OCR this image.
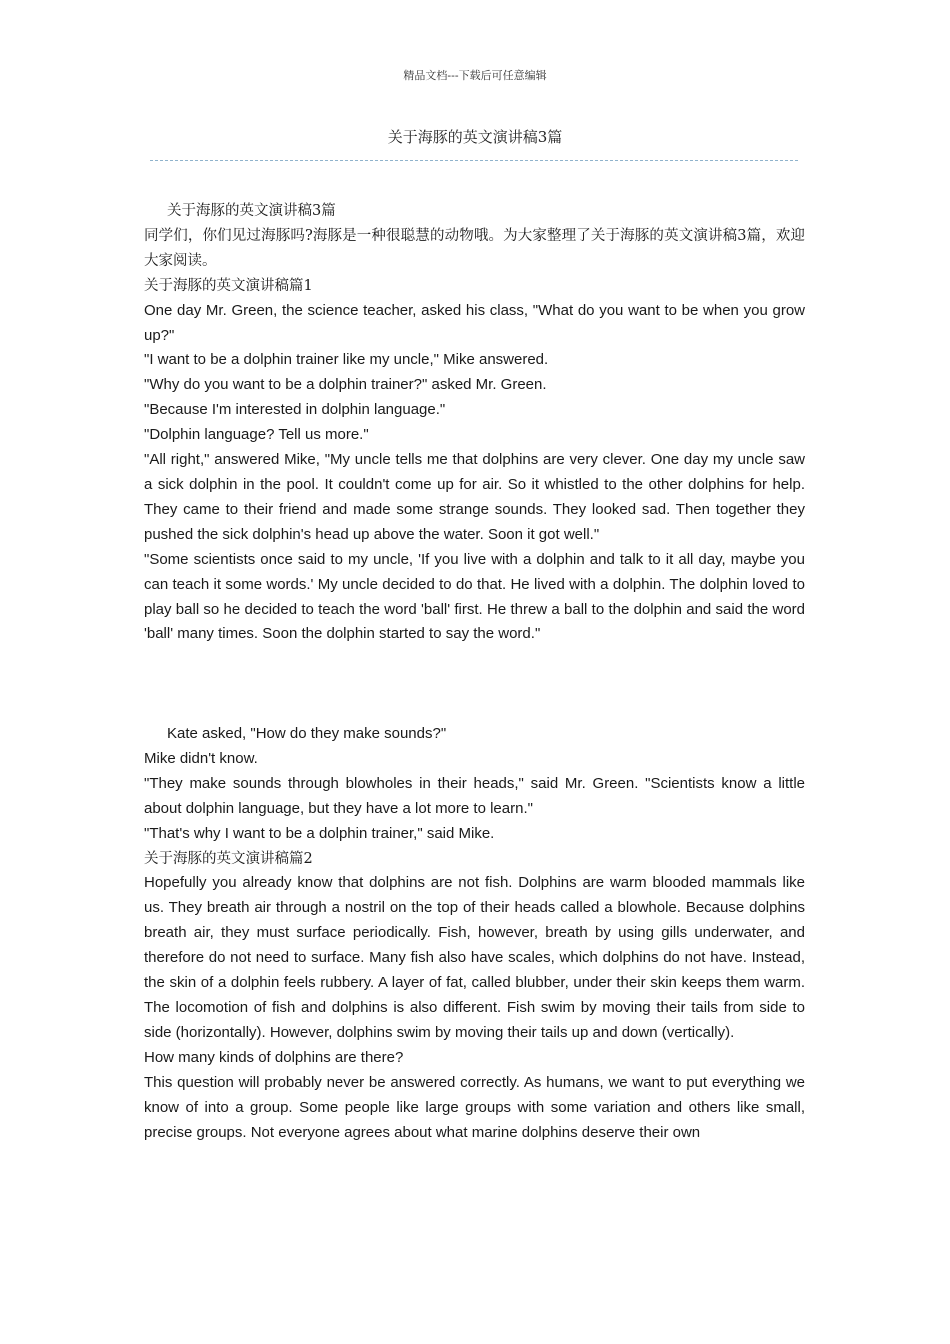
精品文档---下载后可任意编辑
关于海豚的英文演讲稿3篇

关于海豚的英文演讲稿3篇

同学们，你们见过海豚吗?海豚是一种很聪慧的动物哦。为大家整理了关于海豚的英文演讲稿3篇，欢迎大家阅读。

关于海豚的英文演讲稿篇1

One day Mr. Green, the science teacher, asked his class, "What do you want to be when you grow up?"

"I want to be a dolphin trainer like my uncle," Mike answered.

"Why do you want to be a dolphin trainer?" asked Mr. Green.

"Because I'm interested in dolphin language."

"Dolphin language? Tell us more."

"All right," answered Mike, "My uncle tells me that dolphins are very clever. One day my uncle saw a sick dolphin in the pool. It couldn't come up for air. So it whistled to the other dolphins for help. They came to their friend and made some strange sounds. They looked sad. Then together they pushed the sick dolphin's head up above the water. Soon it got well."

"Some scientists once said to my uncle, 'If you live with a dolphin and talk to it all day, maybe you can teach it some words.' My uncle decided to do that. He lived with a dolphin. The dolphin loved to play ball so he decided to teach the word 'ball' first. He threw a ball to the dolphin and said the word 'ball' many times. Soon the dolphin started to say the word."

Kate asked, "How do they make sounds?"

Mike didn't know.

"They make sounds through blowholes in their heads," said Mr. Green. "Scientists know a little about dolphin language, but they have a lot more to learn."

"That's why I want to be a dolphin trainer," said Mike.

关于海豚的英文演讲稿篇2

Hopefully you already know that dolphins are not fish. Dolphins are warm blooded mammals like us. They breath air through a nostril on the top of their heads called a blowhole. Because dolphins breath air, they must surface periodically. Fish, however, breath by using gills underwater, and therefore do not need to surface. Many fish also have scales, which dolphins do not have. Instead, the skin of a dolphin feels rubbery. A layer of fat, called blubber, under their skin keeps them warm. The locomotion of fish and dolphins is also different. Fish swim by moving their tails from side to side (horizontally). However, dolphins swim by moving their tails up and down (vertically).

How many kinds of dolphins are there?

This question will probably never be answered correctly. As humans, we want to put everything we know of into a group. Some people like large groups with some variation and others like small, precise groups. Not everyone agrees about what marine dolphins deserve their own
